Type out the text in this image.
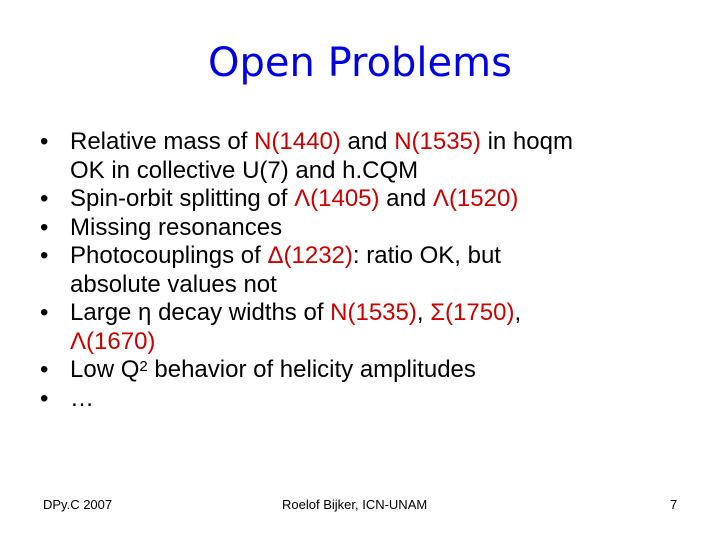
Open Problems
• Relative mass of N(1440) and N(1535) in hoqm
OK in collective U(7) and h.CQM
• Spin-orbit splitting of Λ(1405) and Λ(1520)
• Missing resonances
• Photocouplings of Δ(1232): ratio OK, but
absolute values not
• Large η decay widths of N(1535), Σ(1750),
Λ(1670)
• Low $Q^2$ behavior of helicity amplitudes
• …
DPy.C 2007	Roelof Bijker, ICN-UNAM	7
